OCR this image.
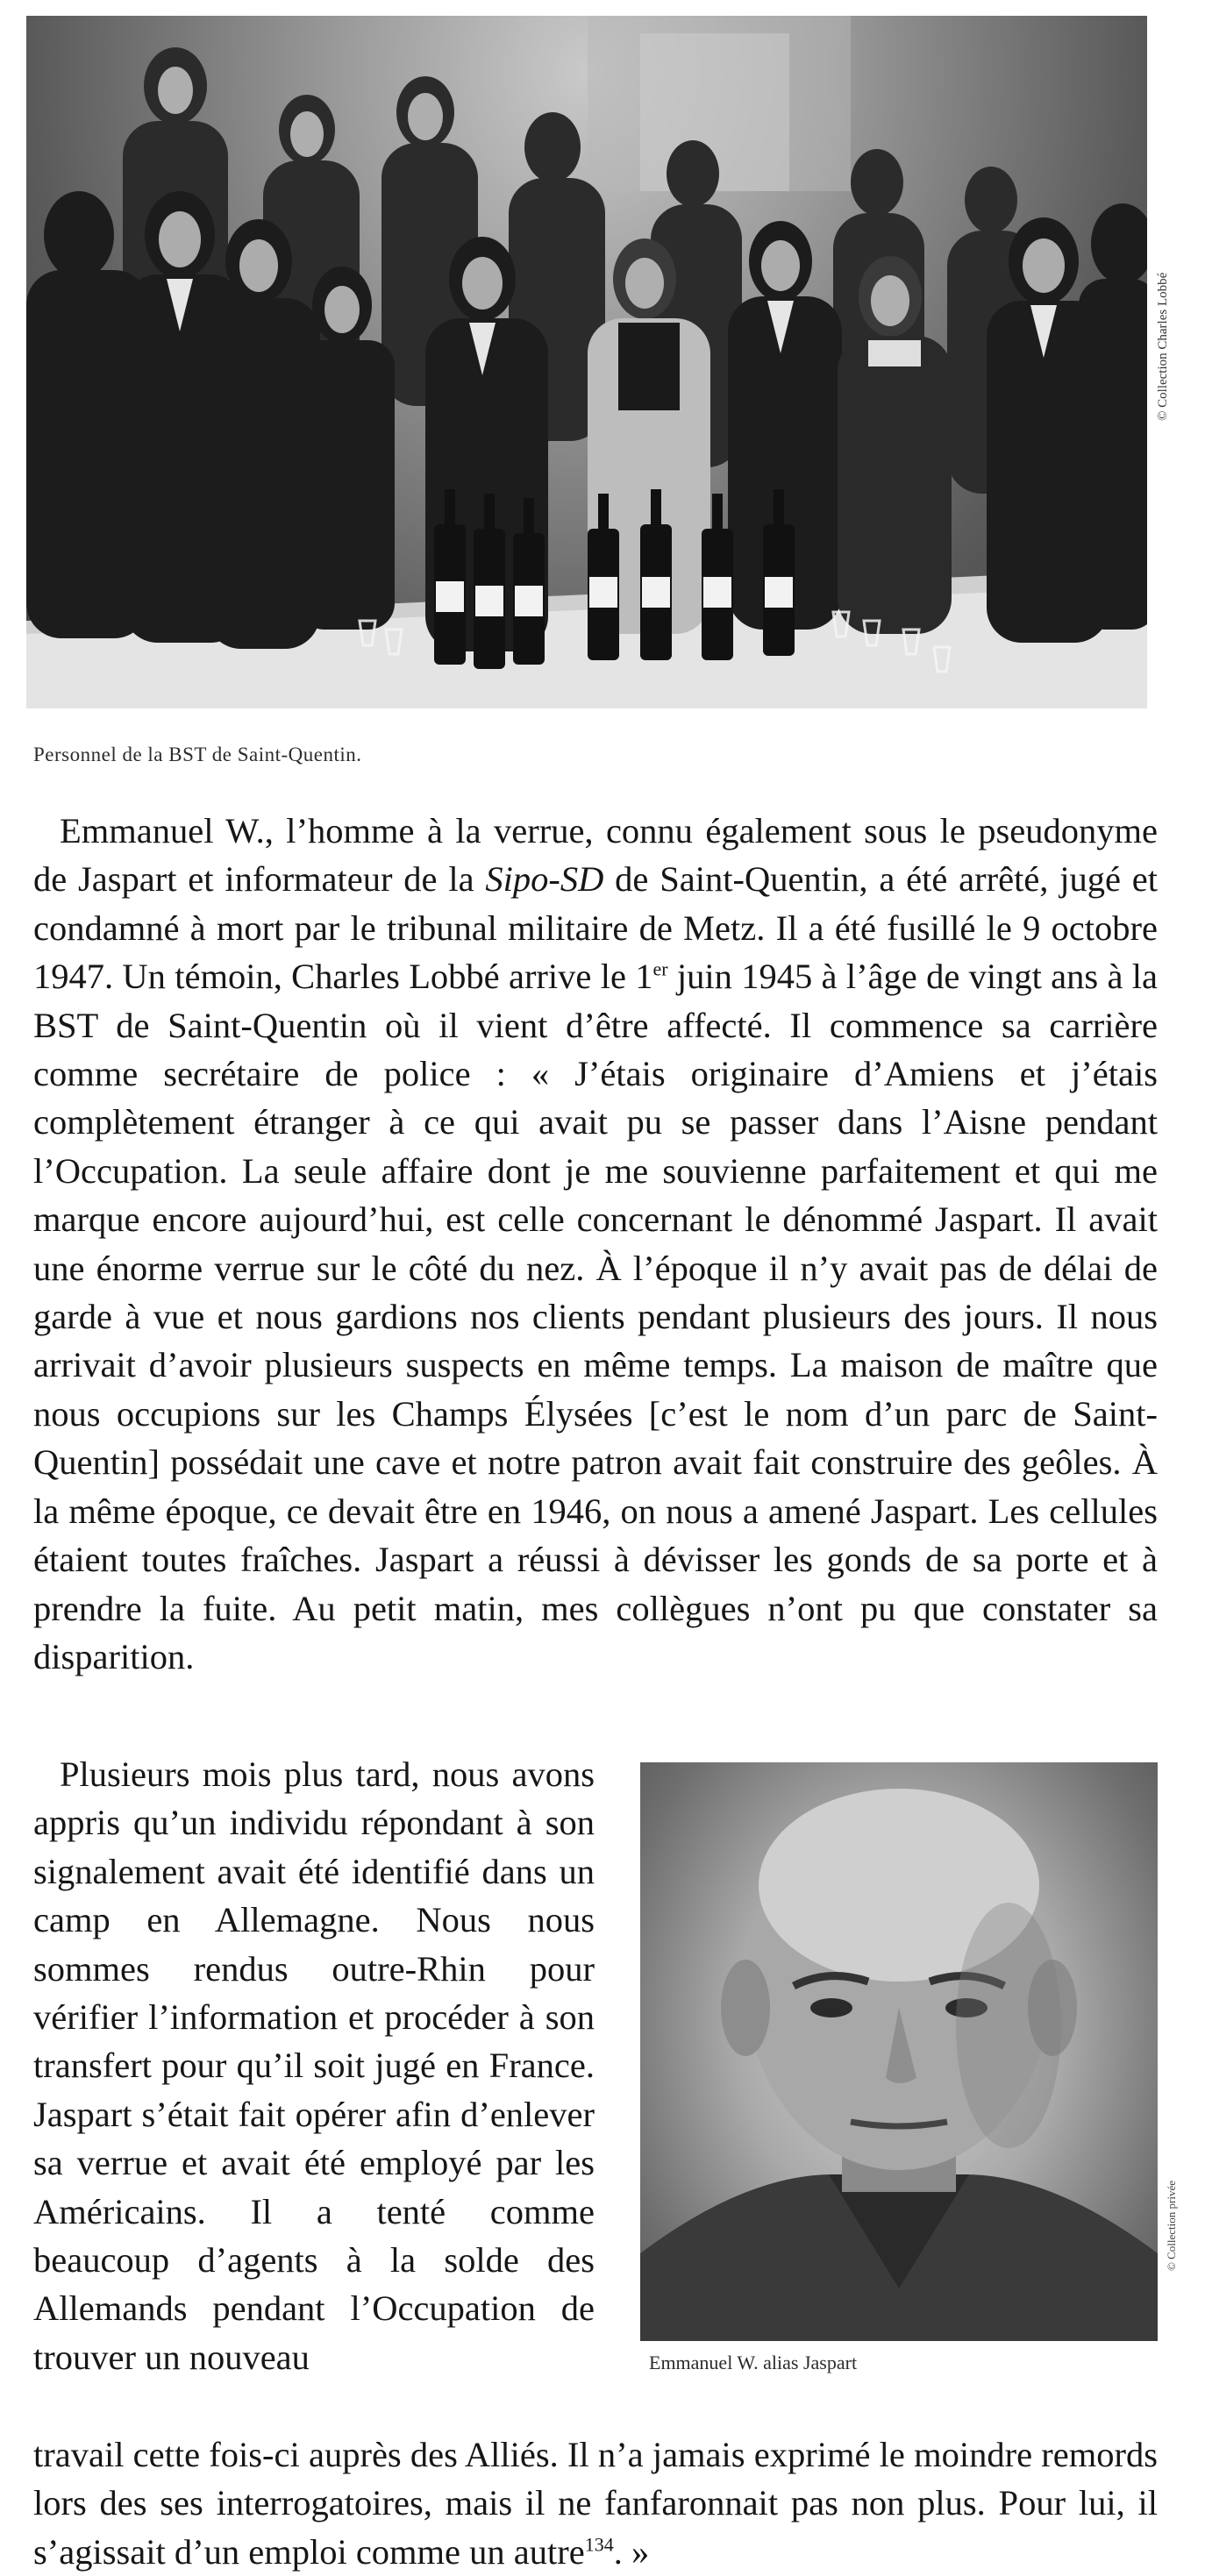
© Collection Charles Lobbé
Personnel de la BST de Saint-Quentin.

Emmanuel W., l’homme à la verrue, connu également sous le pseudonyme de Jaspart et informateur de la Sipo-SD de Saint-Quentin, a été arrêté, jugé et condamné à mort par le tribunal militaire de Metz. Il a été fusillé le 9 octobre 1947. Un témoin, Charles Lobbé arrive le 1er juin 1945 à l’âge de vingt ans à la BST de Saint-Quentin où il vient d’être affecté. Il commence sa carrière comme secrétaire de police : « J’étais originaire d’Amiens et j’étais complètement étranger à ce qui avait pu se passer dans l’Aisne pendant l’Occupation. La seule affaire dont je me souvienne parfaitement et qui me marque encore aujourd’hui, est celle concernant le dénommé Jaspart. Il avait une énorme verrue sur le côté du nez. À l’époque il n’y avait pas de délai de garde à vue et nous gardions nos clients pendant plusieurs des jours. Il nous arrivait d’avoir plusieurs suspects en même temps. La maison de maître que nous occupions sur les Champs Élysées [c’est le nom d’un parc de Saint-Quentin] possédait une cave et notre patron avait fait construire des geôles. À la même époque, ce devait être en 1946, on nous a amené Jaspart. Les cellules étaient toutes fraîches. Jaspart a réussi à dévisser les gonds de sa porte et à prendre la fuite. Au petit matin, mes collègues n’ont pu que constater sa disparition.

Plusieurs mois plus tard, nous avons appris qu’un individu répondant à son signalement avait été identifié dans un camp en Allemagne. Nous nous sommes rendus outre-Rhin pour vérifier l’information et procéder à son transfert pour qu’il soit jugé en France. Jaspart s’était fait opérer afin d’enlever sa verrue et avait été employé par les Américains. Il a tenté comme beaucoup d’agents à la solde des Allemands pendant l’Occupation de trouver un nouveau

© Collection privée
Emmanuel W. alias Jaspart

travail cette fois-ci auprès des Alliés. Il n’a jamais exprimé le moindre remords lors des ses interrogatoires, mais il ne fanfaronnait pas non plus. Pour lui, il s’agissait d’un emploi comme un autre$^{134}$. »
